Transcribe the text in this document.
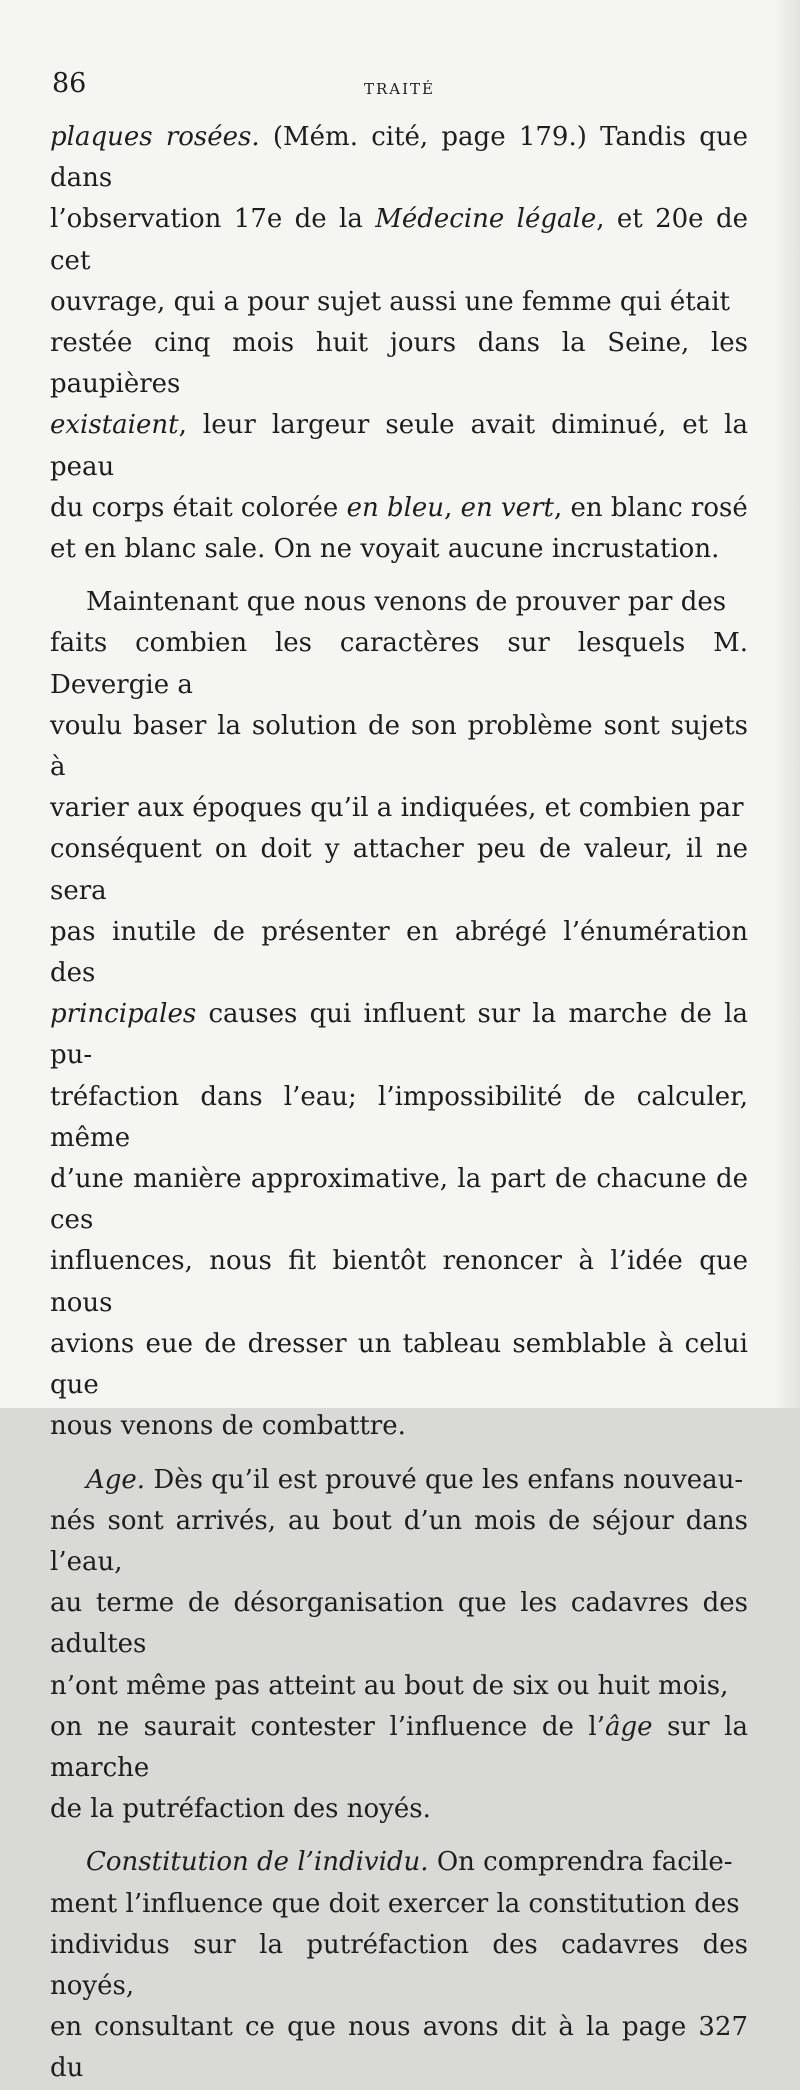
86	TRAITÉ

plaques rosées. (Mém. cité, page 179.) Tandis que dans
l’observation 17e de la Médecine légale, et 20e de cet
ouvrage, qui a pour sujet aussi une femme qui était
restée cinq mois huit jours dans la Seine, les paupières
existaient, leur largeur seule avait diminué, et la peau
du corps était colorée en bleu, en vert, en blanc rosé
et en blanc sale. On ne voyait aucune incrustation.

Maintenant que nous venons de prouver par des
faits combien les caractères sur lesquels M. Devergie a
voulu baser la solution de son problème sont sujets à
varier aux époques qu’il a indiquées, et combien par
conséquent on doit y attacher peu de valeur, il ne sera
pas inutile de présenter en abrégé l’énumération des
principales causes qui influent sur la marche de la pu-
tréfaction dans l’eau; l’impossibilité de calculer, même
d’une manière approximative, la part de chacune de ces
influences, nous fit bientôt renoncer à l’idée que nous
avions eue de dresser un tableau semblable à celui que
nous venons de combattre.

Age. Dès qu’il est prouvé que les enfans nouveau-
nés sont arrivés, au bout d’un mois de séjour dans l’eau,
au terme de désorganisation que les cadavres des adultes
n’ont même pas atteint au bout de six ou huit mois,
on ne saurait contester l’influence de l’âge sur la marche
de la putréfaction des noyés.

Constitution de l’individu. On comprendra facile-
ment l’influence que doit exercer la constitution des
individus sur la putréfaction des cadavres des noyés,
en consultant ce que nous avons dit à la page 327 du
